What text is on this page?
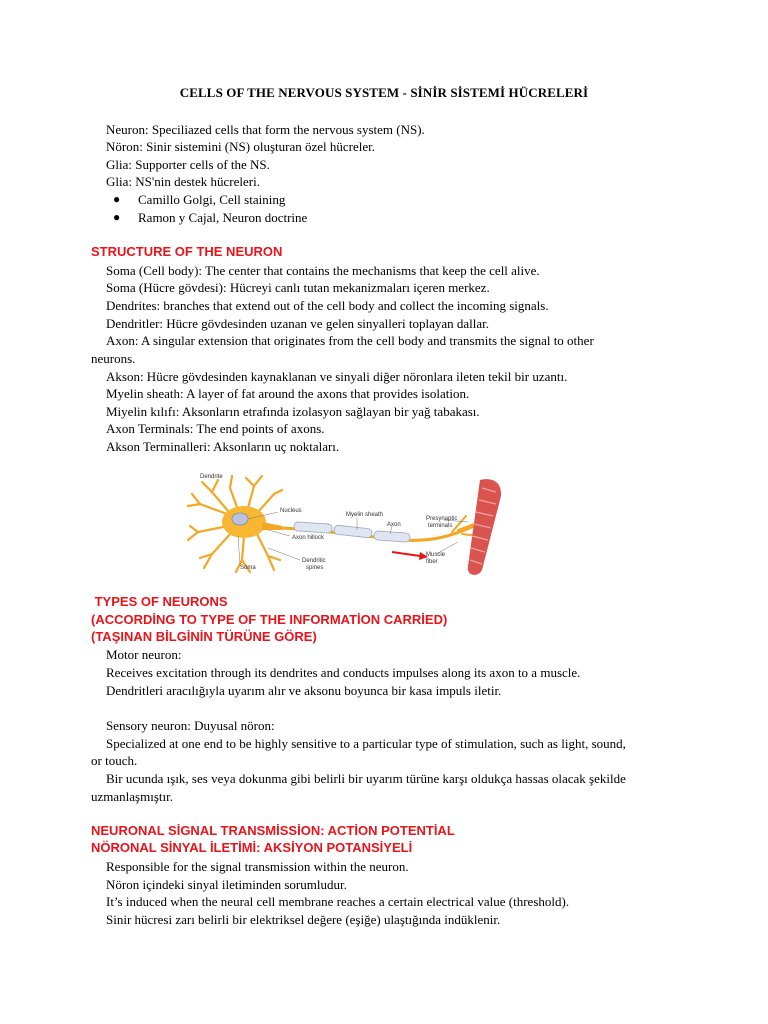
CELLS OF THE NERVOUS SYSTEM - SİNİR SİSTEMİ HÜCRELERİ
Neuron: Speciliazed cells that form the nervous system (NS).
Nöron: Sinir sistemini (NS) oluşturan özel hücreler.
Glia: Supporter cells of the NS.
Glia: NS'nin destek hücreleri.
● Camillo Golgi, Cell staining
● Ramon y Cajal, Neuron doctrine
STRUCTURE OF THE NEURON
Soma (Cell body): The center that contains the mechanisms that keep the cell alive.
Soma (Hücre gövdesi): Hücreyi canlı tutan mekanizmaları içeren merkez.
Dendrites: branches that extend out of the cell body and collect the incoming signals.
Dendritler: Hücre gövdesinden uzanan ve gelen sinyalleri toplayan dallar.
Axon: A singular extension that originates from the cell body and transmits the signal to other
neurons.
Akson: Hücre gövdesinden kaynaklanan ve sinyali diğer nöronlara ileten tekil bir uzantı.
Myelin sheath: A layer of fat around the axons that provides isolation.
Miyelin kılıfı: Aksonların etrafında izolasyon sağlayan bir yağ tabakası.
Axon Terminals: The end points of axons.
Akson Terminalleri: Aksonların uç noktaları.
Dendrite
Nucleus
Axon hillock
Soma
Dendritic
spines
Myelin sheath
Axon
Presynaptic
terminals
Muscle
fiber
TYPES OF NEURONS
(ACCORDİNG TO TYPE OF THE INFORMATİON CARRİED)
(TAŞINAN BİLGİNİN TÜRÜNE GÖRE)
Motor neuron:
Receives excitation through its dendrites and conducts impulses along its axon to a muscle.
Dendritleri aracılığıyla uyarım alır ve aksonu boyunca bir kasa impuls iletir.
Sensory neuron: Duyusal nöron:
Specialized at one end to be highly sensitive to a particular type of stimulation, such as light, sound,
or touch.
Bir ucunda ışık, ses veya dokunma gibi belirli bir uyarım türüne karşı oldukça hassas olacak şekilde
uzmanlaşmıştır.
NEURONAL SİGNAL TRANSMİSSİON: ACTİON POTENTİAL
NÖRONAL SİNYAL İLETİMİ: AKSİYON POTANSİYELİ
Responsible for the signal transmission within the neuron.
Nöron içindeki sinyal iletiminden sorumludur.
It’s induced when the neural cell membrane reaches a certain electrical value (threshold).
Sinir hücresi zarı belirli bir elektriksel değere (eşiğe) ulaştığında indüklenir.
